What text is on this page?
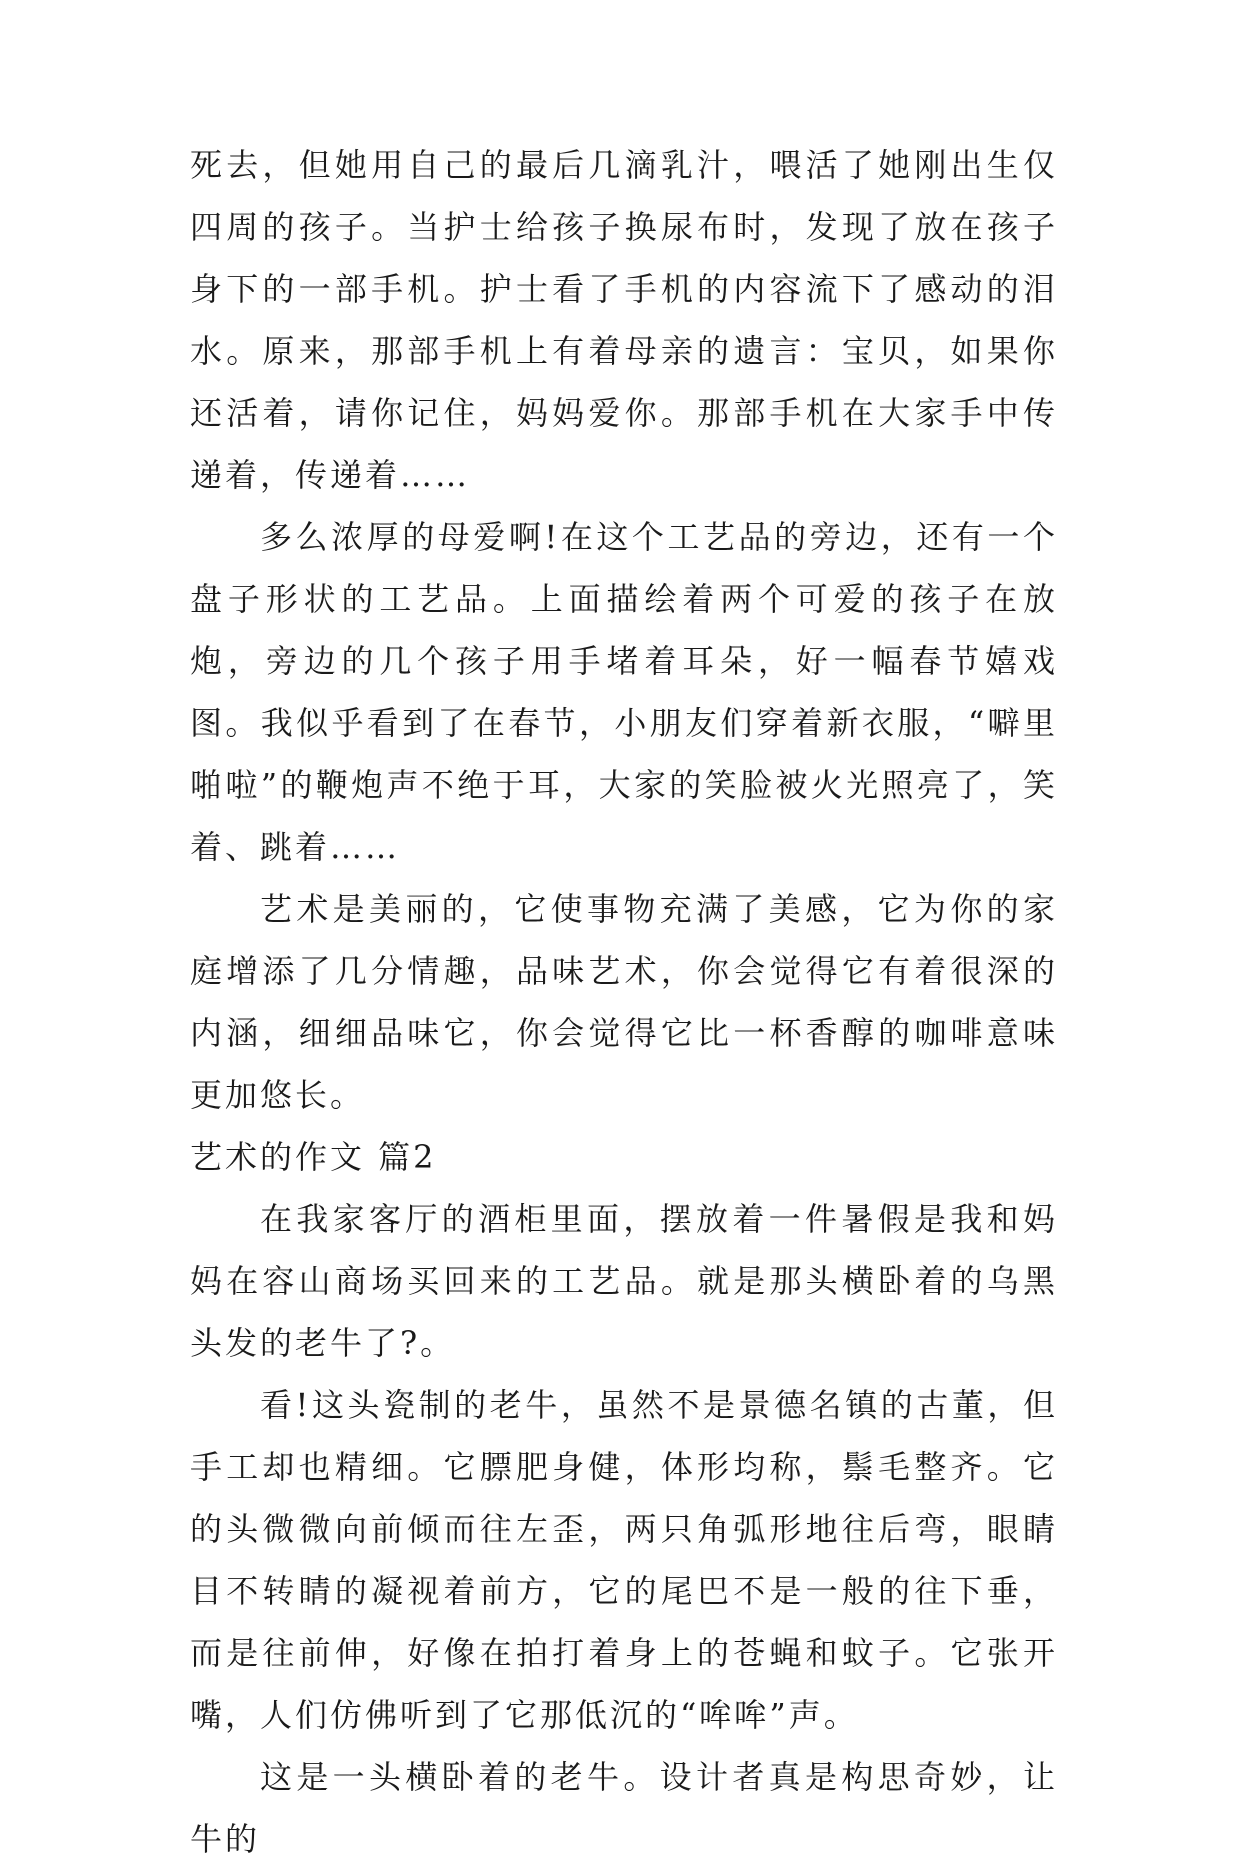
死去，但她用自己的最后几滴乳汁，喂活了她刚出生仅四周的孩子。当护士给孩子换尿布时，发现了放在孩子身下的一部手机。护士看了手机的内容流下了感动的泪水。原来，那部手机上有着母亲的遗言：宝贝，如果你还活着，请你记住，妈妈爱你。那部手机在大家手中传递着，传递着……

多么浓厚的母爱啊!在这个工艺品的旁边，还有一个盘子形状的工艺品。上面描绘着两个可爱的孩子在放炮，旁边的几个孩子用手堵着耳朵，好一幅春节嬉戏图。我似乎看到了在春节，小朋友们穿着新衣服，“噼里啪啦”的鞭炮声不绝于耳，大家的笑脸被火光照亮了，笑着、跳着……

艺术是美丽的，它使事物充满了美感，它为你的家庭增添了几分情趣，品味艺术，你会觉得它有着很深的内涵，细细品味它，你会觉得它比一杯香醇的咖啡意味更加悠长。

艺术的作文 篇2

在我家客厅的酒柜里面，摆放着一件暑假是我和妈妈在容山商场买回来的工艺品。就是那头横卧着的乌黑头发的老牛了?。

看!这头瓷制的老牛，虽然不是景德名镇的古董，但手工却也精细。它膘肥身健，体形均称，鬃毛整齐。它的头微微向前倾而往左歪，两只角弧形地往后弯，眼睛目不转睛的凝视着前方，它的尾巴不是一般的往下垂，而是往前伸，好像在拍打着身上的苍蝇和蚊子。它张开嘴，人们仿佛听到了它那低沉的“哞哞”声。

这是一头横卧着的老牛。设计者真是构思奇妙，让牛的
